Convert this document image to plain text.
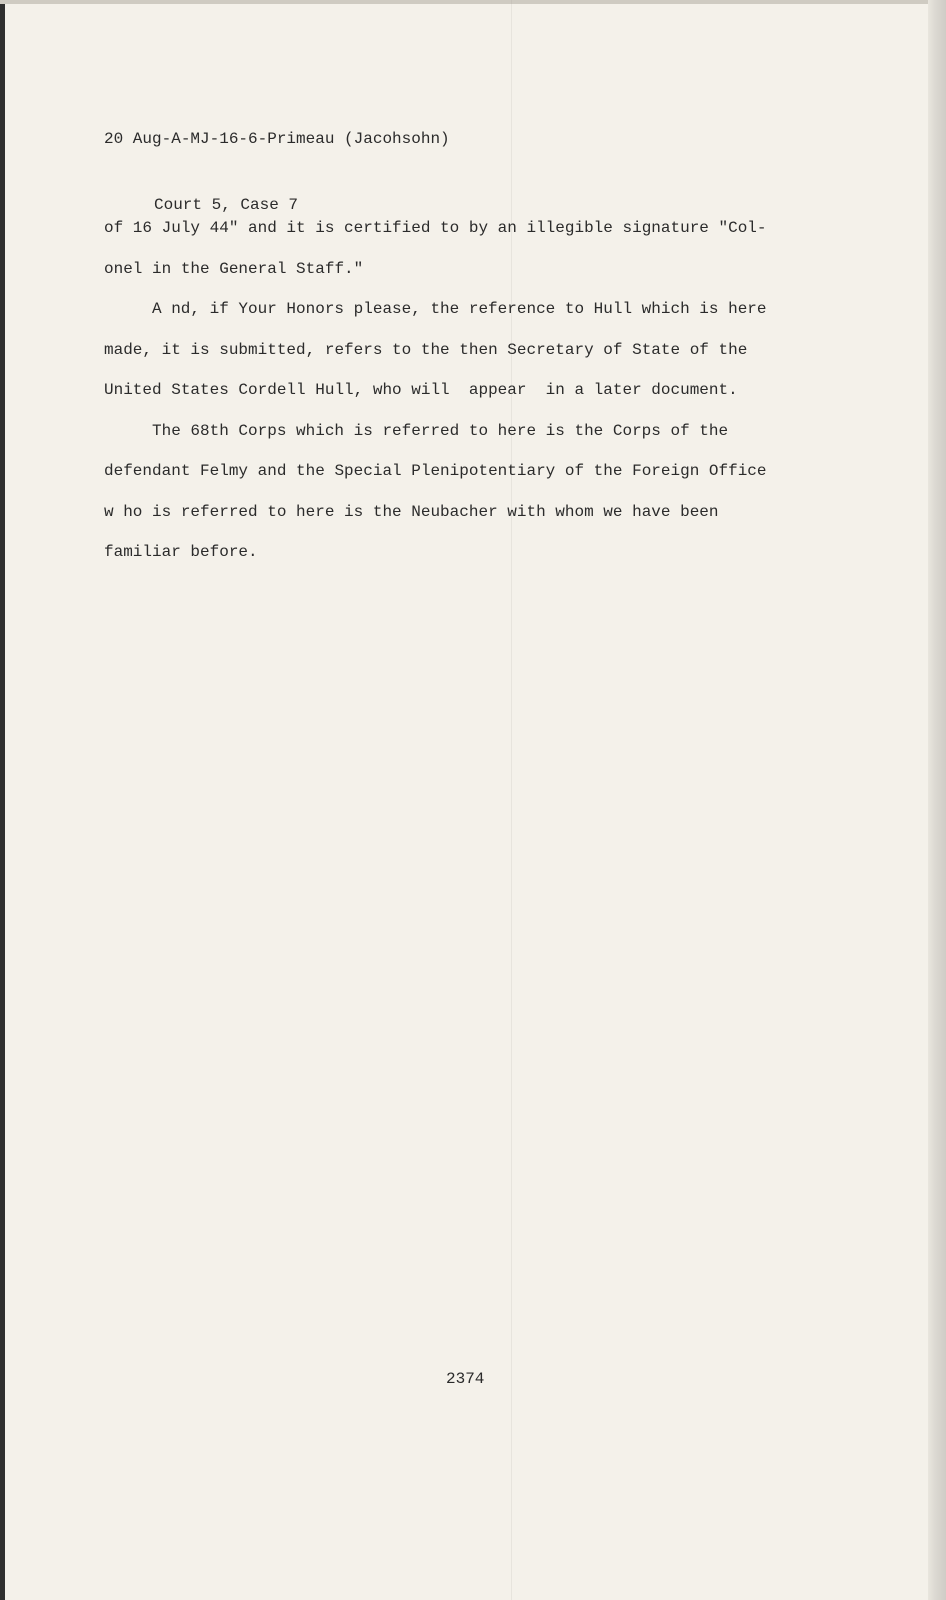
20 Aug-A-MJ-16-6-Primeau (Jacohsohn)

Court 5, Case 7

of 16 July 44" and it is certified to by an illegible signature "Col-

onel in the General Staff."

A nd, if Your Honors please, the reference to Hull which is here

made, it is submitted, refers to the then Secretary of State of the

United States Cordell Hull, who will  appear  in a later document.

The 68th Corps which is referred to here is the Corps of the

defendant Felmy and the Special Plenipotentiary of the Foreign Office

w ho is referred to here is the Neubacher with whom we have been

familiar before.

2374
